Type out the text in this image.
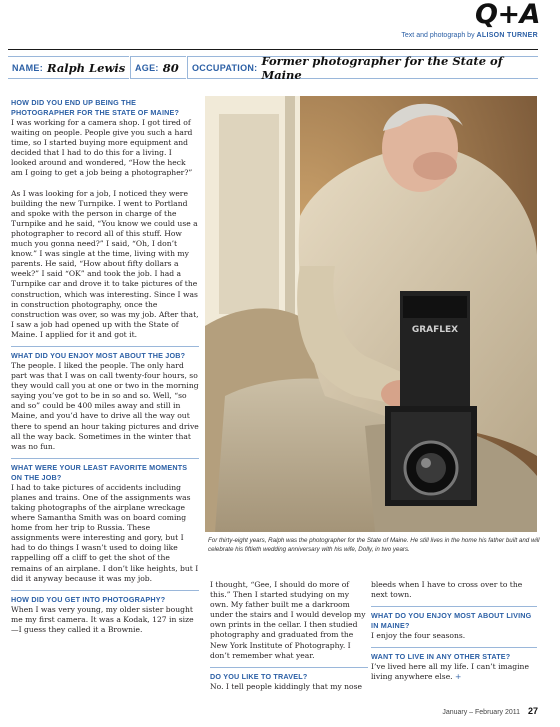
Q+A
Text and photograph by ALISON TURNER
NAME: Ralph Lewis AGE: 80 OCCUPATION: Former photographer for the State of Maine
HOW DID YOU END UP BEING THE PHOTOGRAPHER FOR THE STATE OF MAINE?

I was working for a camera shop. I got tired of waiting on people. People give you such a hard time, so I started buying more equipment and decided that I had to do this for a living. I looked around and wondered, “How the heck am I going to get a job being a photographer?”

As I was looking for a job, I noticed they were building the new Turnpike. I went to Portland and spoke with the person in charge of the Turnpike and he said, “You know we could use a photographer to record all of this stuff. How much you gonna need?” I said, “Oh, I don’t know.” I was single at the time, living with my parents. He said, “How about fifty dollars a week?” I said “OK” and took the job. I had a Turnpike car and drove it to take pictures of the construction, which was interesting. Since I was in construction photography, once the construction was over, so was my job. After that, I saw a job had opened up with the State of Maine. I applied for it and got it.

WHAT DID YOU ENJOY MOST ABOUT THE JOB?

The people. I liked the people. The only hard part was that I was on call twenty-four hours, so they would call you at one or two in the morning saying you’ve got to be in so and so. Well, “so and so” could be 400 miles away and still in Maine, and you’d have to drive all the way out there to spend an hour taking pictures and drive all the way back. Sometimes in the winter that was no fun.

WHAT WERE YOUR LEAST FAVORITE MOMENTS ON THE JOB?

I had to take pictures of accidents including planes and trains. One of the assignments was taking photographs of the airplane wreckage where Samantha Smith was on board coming home from her trip to Russia. These assignments were interesting and gory, but I had to do things I wasn’t used to doing like rappelling off a cliff to get the shot of the remains of an airplane. I don’t like heights, but I did it anyway because it was my job.

HOW DID YOU GET INTO PHOTOGRAPHY?

When I was very young, my older sister bought me my first camera. It was a Kodak, 127 in size—I guess they called it a Brownie.

GRAFLEX
For thirty-eight years, Ralph was the photographer for the State of Maine. He still lives in the home his father built and will celebrate his fiftieth wedding anniversary with his wife, Dolly, in two years.

I thought, “Gee, I should do more of this.” Then I started studying on my own. My father built me a darkroom under the stairs and I would develop my own prints in the cellar. I then studied photography and graduated from the New York Institute of Photography. I don’t remember what year.

DO YOU LIKE TO TRAVEL?

No. I tell people kiddingly that my nose

bleeds when I have to cross over to the next town.

WHAT DO YOU ENJOY MOST ABOUT LIVING IN MAINE?

I enjoy the four seasons.

WANT TO LIVE IN ANY OTHER STATE?

I’ve lived here all my life. I can’t imagine living anywhere else. +

January – February 2011 27
